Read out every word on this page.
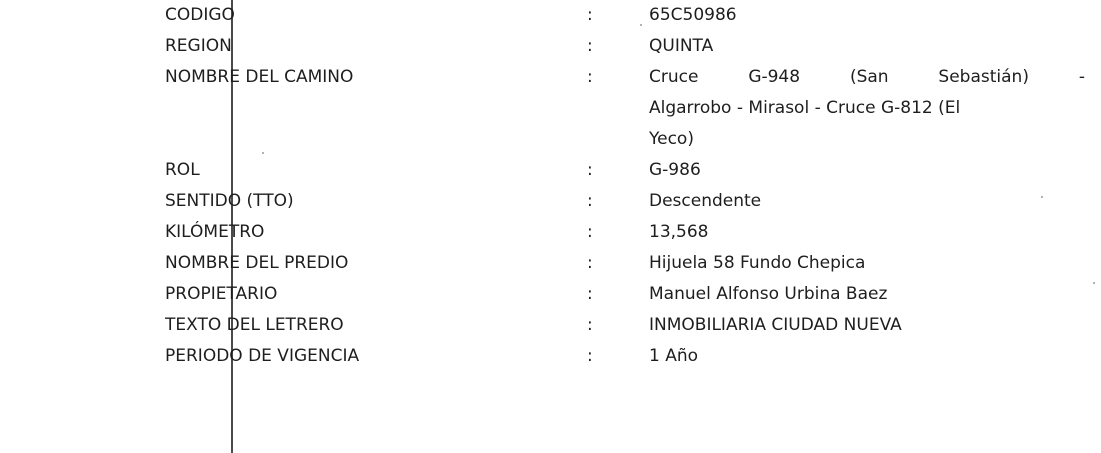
CODIGO	:	65C50986
REGION	:	QUINTA
NOMBRE DEL CAMINO	:	Cruce	G-948	(San	Sebastián)	-
Algarrobo - Mirasol - Cruce G-812 (El
Yeco)
ROL	:	G-986
SENTIDO (TTO)	:	Descendente
KILÓMETRO	:	13,568
NOMBRE DEL PREDIO	:	Hijuela 58 Fundo Chepica
PROPIETARIO	:	Manuel Alfonso Urbina Baez
TEXTO DEL LETRERO	:	INMOBILIARIA CIUDAD NUEVA
PERIODO DE VIGENCIA	:	1 Año
